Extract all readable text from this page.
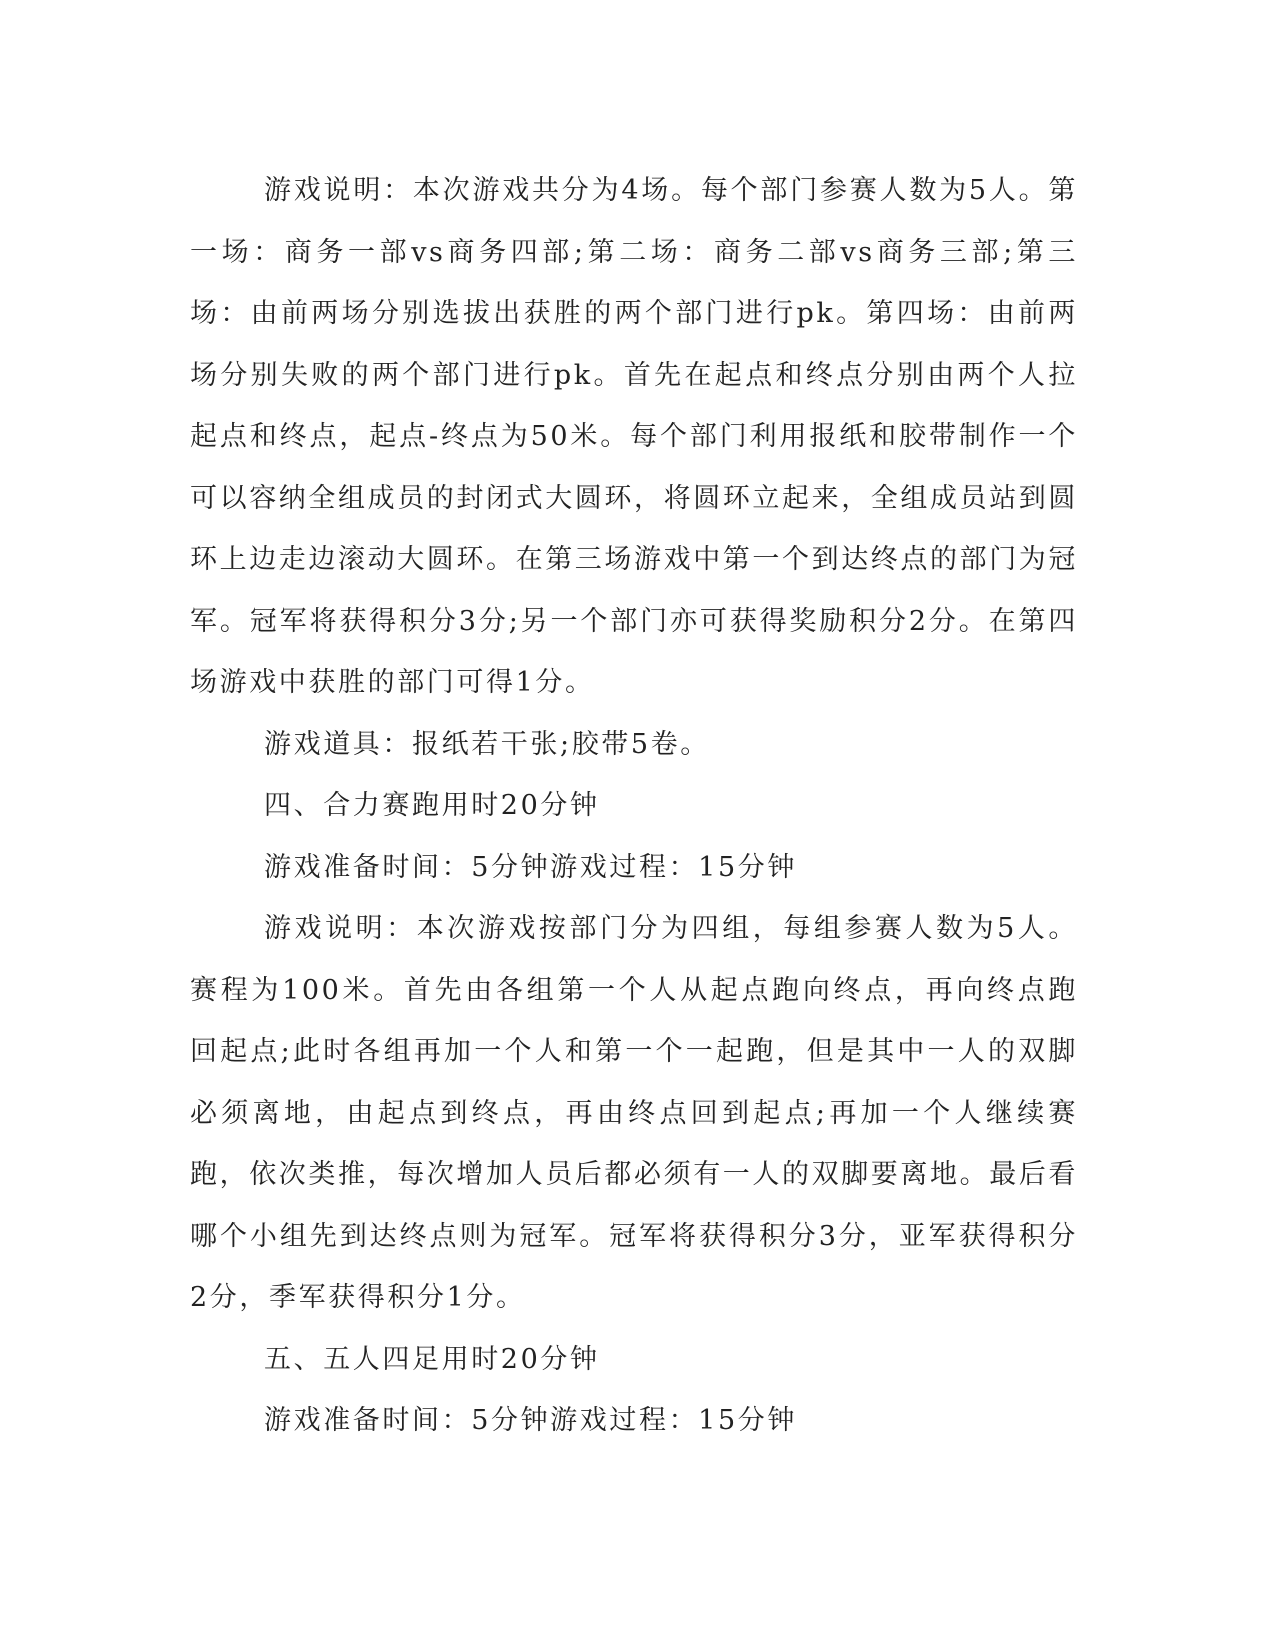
游戏说明：本次游戏共分为4场。每个部门参赛人数为5人。第一场：商务一部vs商务四部;第二场：商务二部vs商务三部;第三场：由前两场分别选拔出获胜的两个部门进行pk。第四场：由前两场分别失败的两个部门进行pk。首先在起点和终点分别由两个人拉起点和终点，起点-终点为50米。每个部门利用报纸和胶带制作一个可以容纳全组成员的封闭式大圆环，将圆环立起来，全组成员站到圆环上边走边滚动大圆环。在第三场游戏中第一个到达终点的部门为冠军。冠军将获得积分3分;另一个部门亦可获得奖励积分2分。在第四场游戏中获胜的部门可得1分。

游戏道具：报纸若干张;胶带5卷。

四、合力赛跑用时20分钟

游戏准备时间：5分钟游戏过程：15分钟

游戏说明：本次游戏按部门分为四组，每组参赛人数为5人。赛程为100米。首先由各组第一个人从起点跑向终点，再向终点跑回起点;此时各组再加一个人和第一个一起跑，但是其中一人的双脚必须离地，由起点到终点，再由终点回到起点;再加一个人继续赛跑，依次类推，每次增加人员后都必须有一人的双脚要离地。最后看哪个小组先到达终点则为冠军。冠军将获得积分3分，亚军获得积分2分，季军获得积分1分。

五、五人四足用时20分钟

游戏准备时间：5分钟游戏过程：15分钟
